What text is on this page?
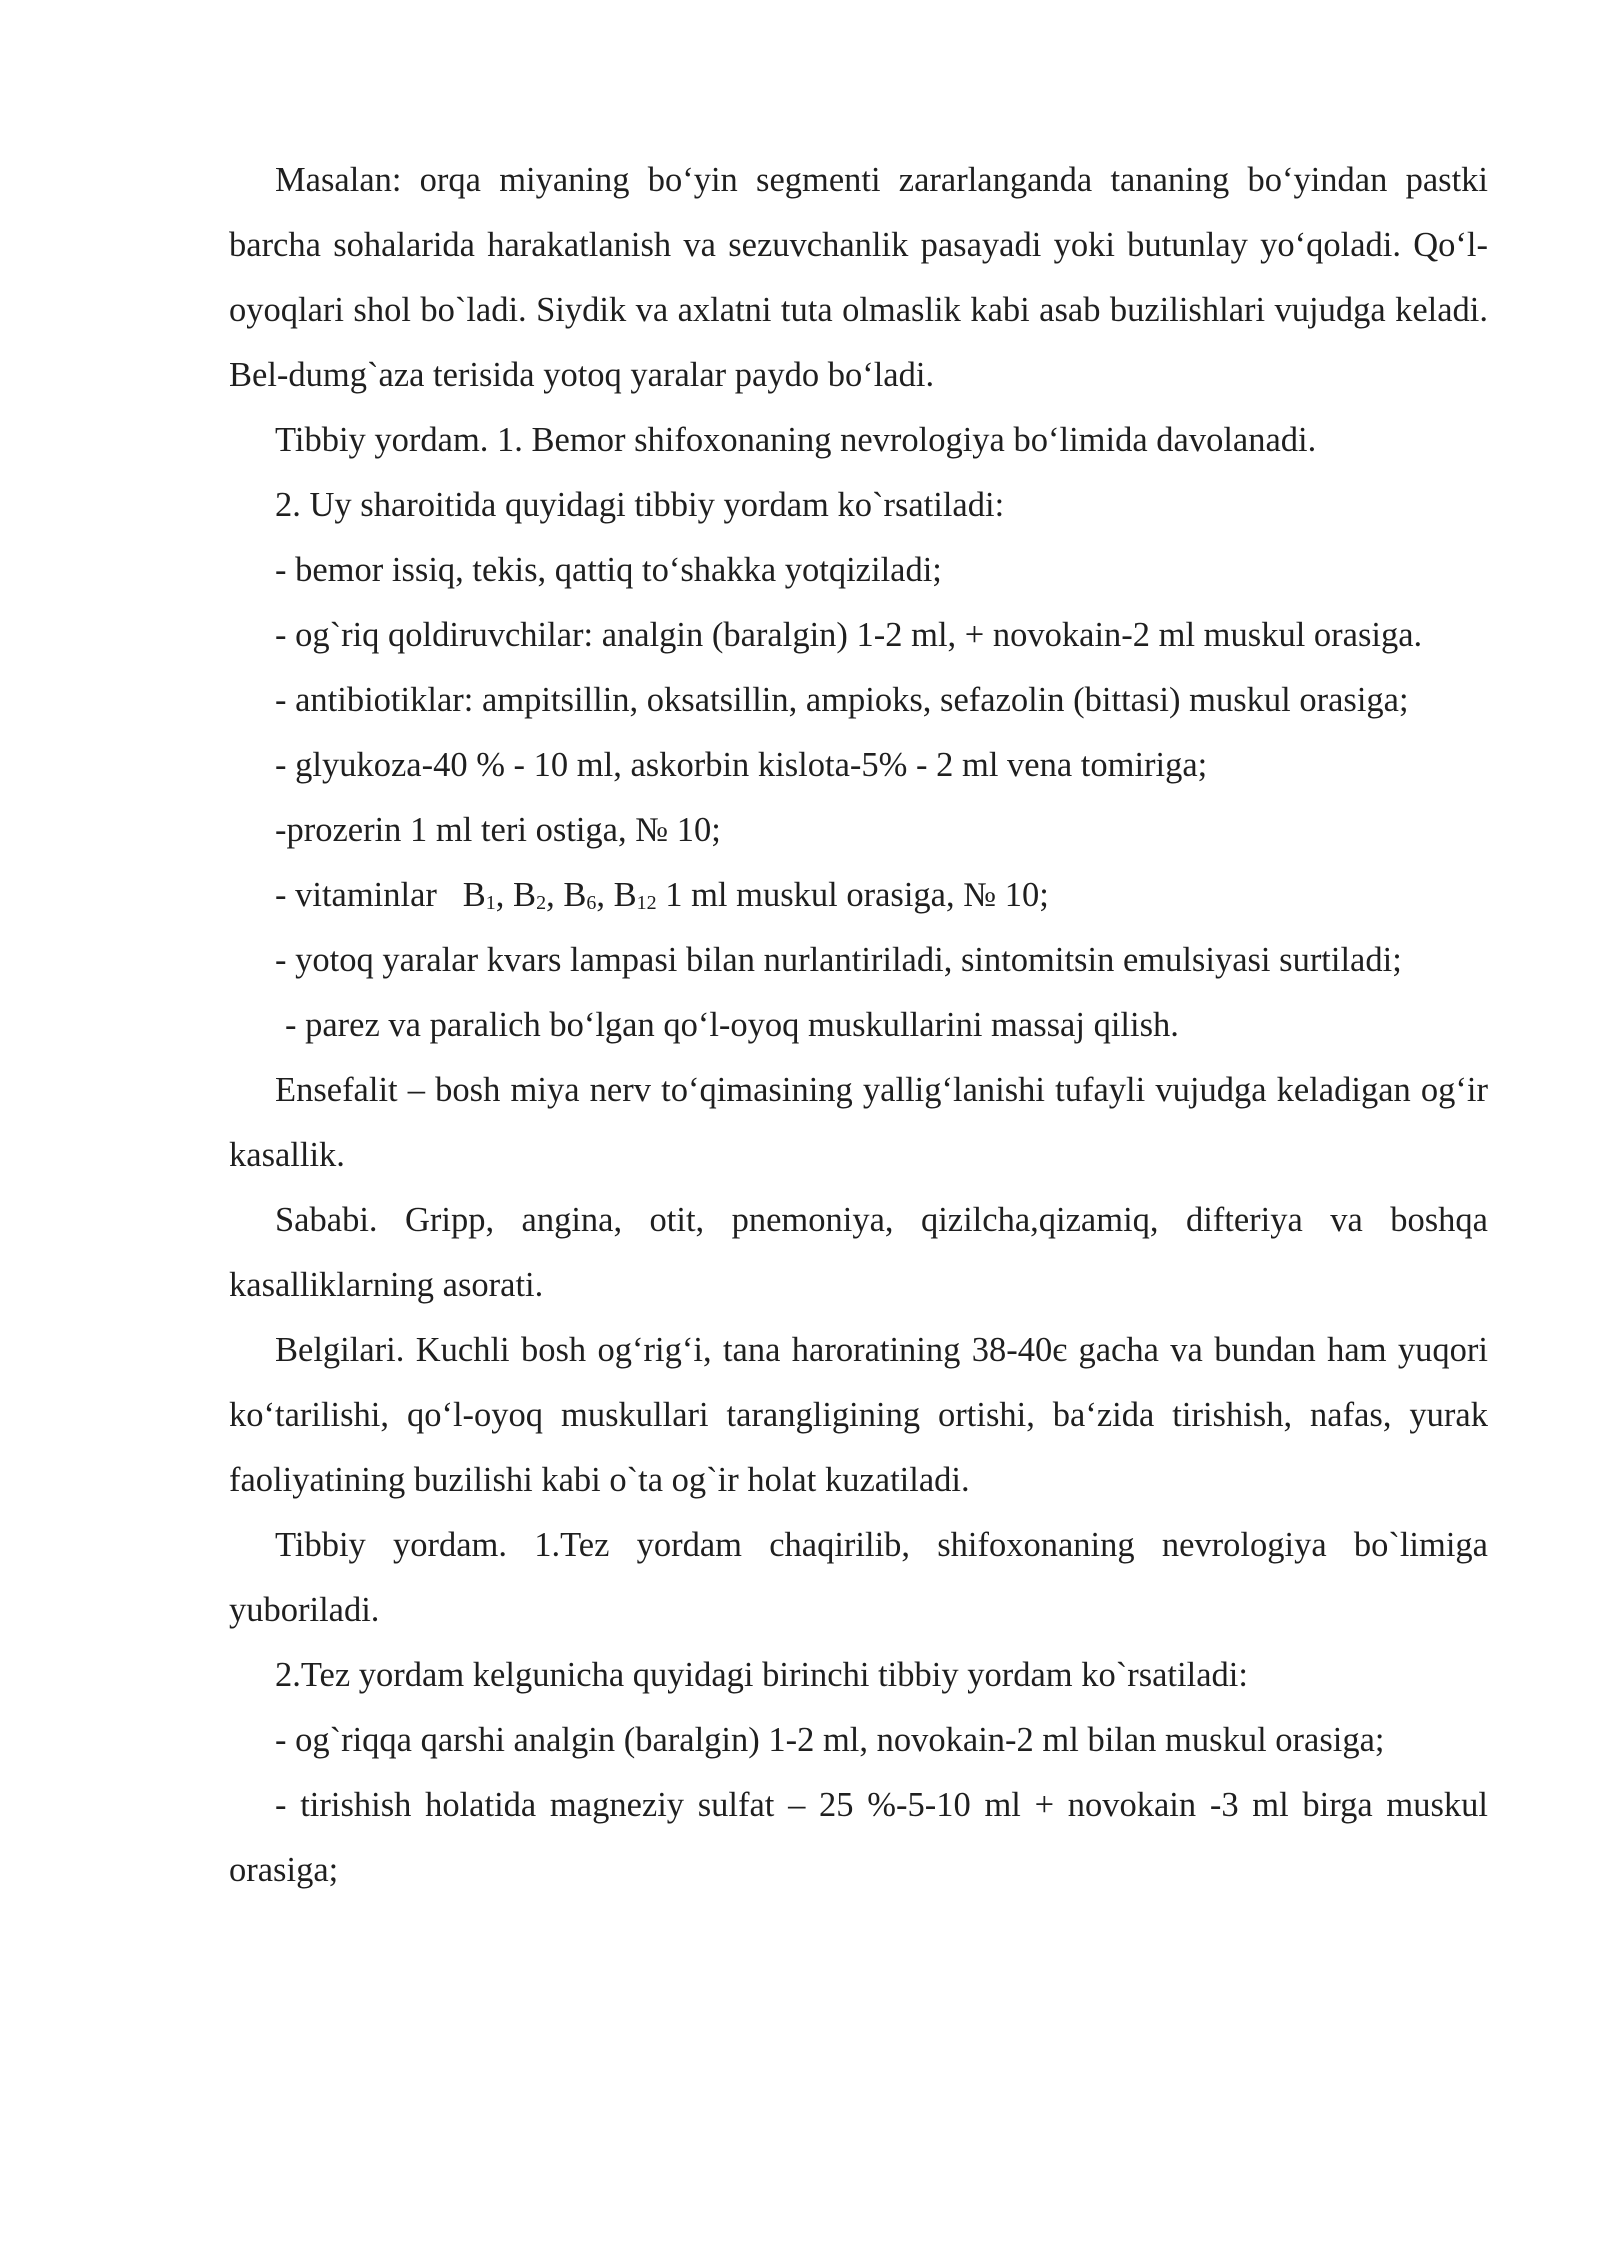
Masalan: orqa miyaning bo‘yin segmenti zararlanganda tananing bo‘yindan pastki barcha sohalarida harakatlanish va sezuvchanlik pasayadi yoki butunlay yo‘qoladi. Qo‘l-oyoqlari shol bo`ladi. Siydik va axlatni tuta olmaslik kabi asab buzilishlari vujudga keladi. Bel-dumg`aza terisida yotoq yaralar paydo bo‘ladi.

Tibbiy yordam. 1. Bemor shifoxonaning nevrologiya bo‘limida davolanadi.

2. Uy sharoitida quyidagi tibbiy yordam ko`rsatiladi:

- bemor issiq, tekis, qattiq to‘shakka yotqiziladi;

- og`riq qoldiruvchilar: analgin (baralgin) 1-2 ml, + novokain-2 ml muskul orasiga.

- antibiotiklar: ampitsillin, oksatsillin, ampioks, sefazolin (bittasi) muskul orasiga;

- glyukoza-40 % - 10 ml, askorbin kislota-5% - 2 ml vena tomiriga;

-prozerin 1 ml teri ostiga, № 10;

- vitaminlar $B_1$, $B_2$, $B_6$, $B_{12}$ 1 ml muskul orasiga, № 10;

- yotoq yaralar kvars lampasi bilan nurlantiriladi, sintomitsin emulsiyasi surtiladi;

- parez va paralich bo‘lgan qo‘l-oyoq muskullarini massaj qilish.

Ensefalit – bosh miya nerv to‘qimasining yallig‘lanishi tufayli vujudga keladigan og‘ir kasallik.

Sababi. Gripp, angina, otit, pnemoniya, qizilcha,qizamiq, difteriya va boshqa kasalliklarning asorati.

Belgilari. Kuchli bosh og‘rig‘i, tana haroratining 38-40є gacha va bundan ham yuqori ko‘tarilishi, qo‘l-oyoq muskullari tarangligining ortishi, ba‘zida tirishish, nafas, yurak faoliyatining buzilishi kabi o`ta og`ir holat kuzatiladi.

Tibbiy yordam. 1.Tez yordam chaqirilib, shifoxonaning nevrologiya bo`limiga yuboriladi.

2.Tez yordam kelgunicha quyidagi birinchi tibbiy yordam ko`rsatiladi:

- og`riqqa qarshi analgin (baralgin) 1-2 ml, novokain-2 ml bilan muskul orasiga;

- tirishish holatida magneziy sulfat – 25 %-5-10 ml + novokain -3 ml birga muskul orasiga;
